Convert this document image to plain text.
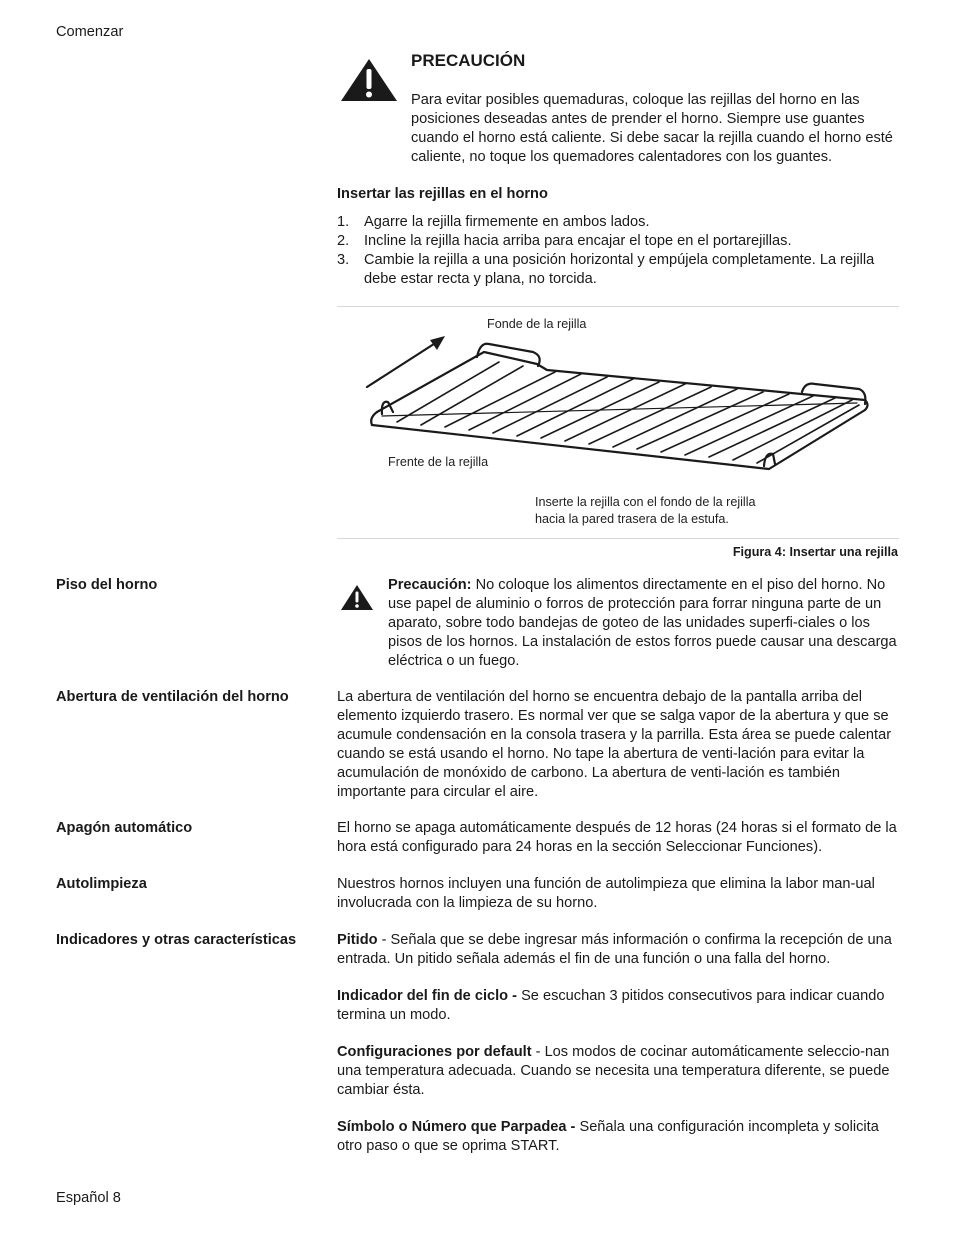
Comenzar
PRECAUCIÓN
Para evitar posibles quemaduras, coloque las rejillas del horno en las posiciones deseadas antes de prender el horno. Siempre use guantes cuando el horno está caliente. Si debe sacar la rejilla cuando el horno esté caliente, no toque los quemadores calentadores con los guantes.
Insertar las rejillas en el horno
1. Agarre la rejilla firmemente en ambos lados.
2. Incline la rejilla hacia arriba para encajar el tope en el portarejillas.
3. Cambie la rejilla a una posición horizontal y empújela completamente. La rejilla debe estar recta y plana, no torcida.
Fonde de la rejilla
Frente de la rejilla
Inserte la rejilla con el fondo de la rejilla
hacia la pared trasera de la estufa.
Figura 4: Insertar una rejilla
Piso del horno	Precaución: No coloque los alimentos directamente en el piso del horno. No use papel de aluminio o forros de protección para forrar ninguna parte de un aparato, sobre todo bandejas de goteo de las unidades superfi-ciales o los pisos de los hornos. La instalación de estos forros puede causar una descarga eléctrica o un fuego.
Abertura de ventilación del horno	La abertura de ventilación del horno se encuentra debajo de la pantalla arriba del elemento izquierdo trasero. Es normal ver que se salga vapor de la abertura y que se acumule condensación en la consola trasera y la parrilla. Esta área se puede calentar cuando se está usando el horno. No tape la abertura de venti-lación para evitar la acumulación de monóxido de carbono. La abertura de venti-lación es también importante para circular el aire.
Apagón automático	El horno se apaga automáticamente después de 12 horas (24 horas si el formato de la hora está configurado para 24 horas en la sección Seleccionar Funciones).
Autolimpieza	Nuestros hornos incluyen una función de autolimpieza que elimina la labor man-ual involucrada con la limpieza de su horno.
Indicadores y otras características	Pitido - Señala que se debe ingresar más información o confirma la recepción de una entrada. Un pitido señala además el fin de una función o una falla del horno.
Indicador del fin de ciclo - Se escuchan 3 pitidos consecutivos para indicar cuando termina un modo.
Configuraciones por default - Los modos de cocinar automáticamente seleccio-nan una temperatura adecuada. Cuando se necesita una temperatura diferente, se puede cambiar ésta.
Símbolo o Número que Parpadea - Señala una configuración incompleta y solicita otro paso o que se oprima START.
Español 8
